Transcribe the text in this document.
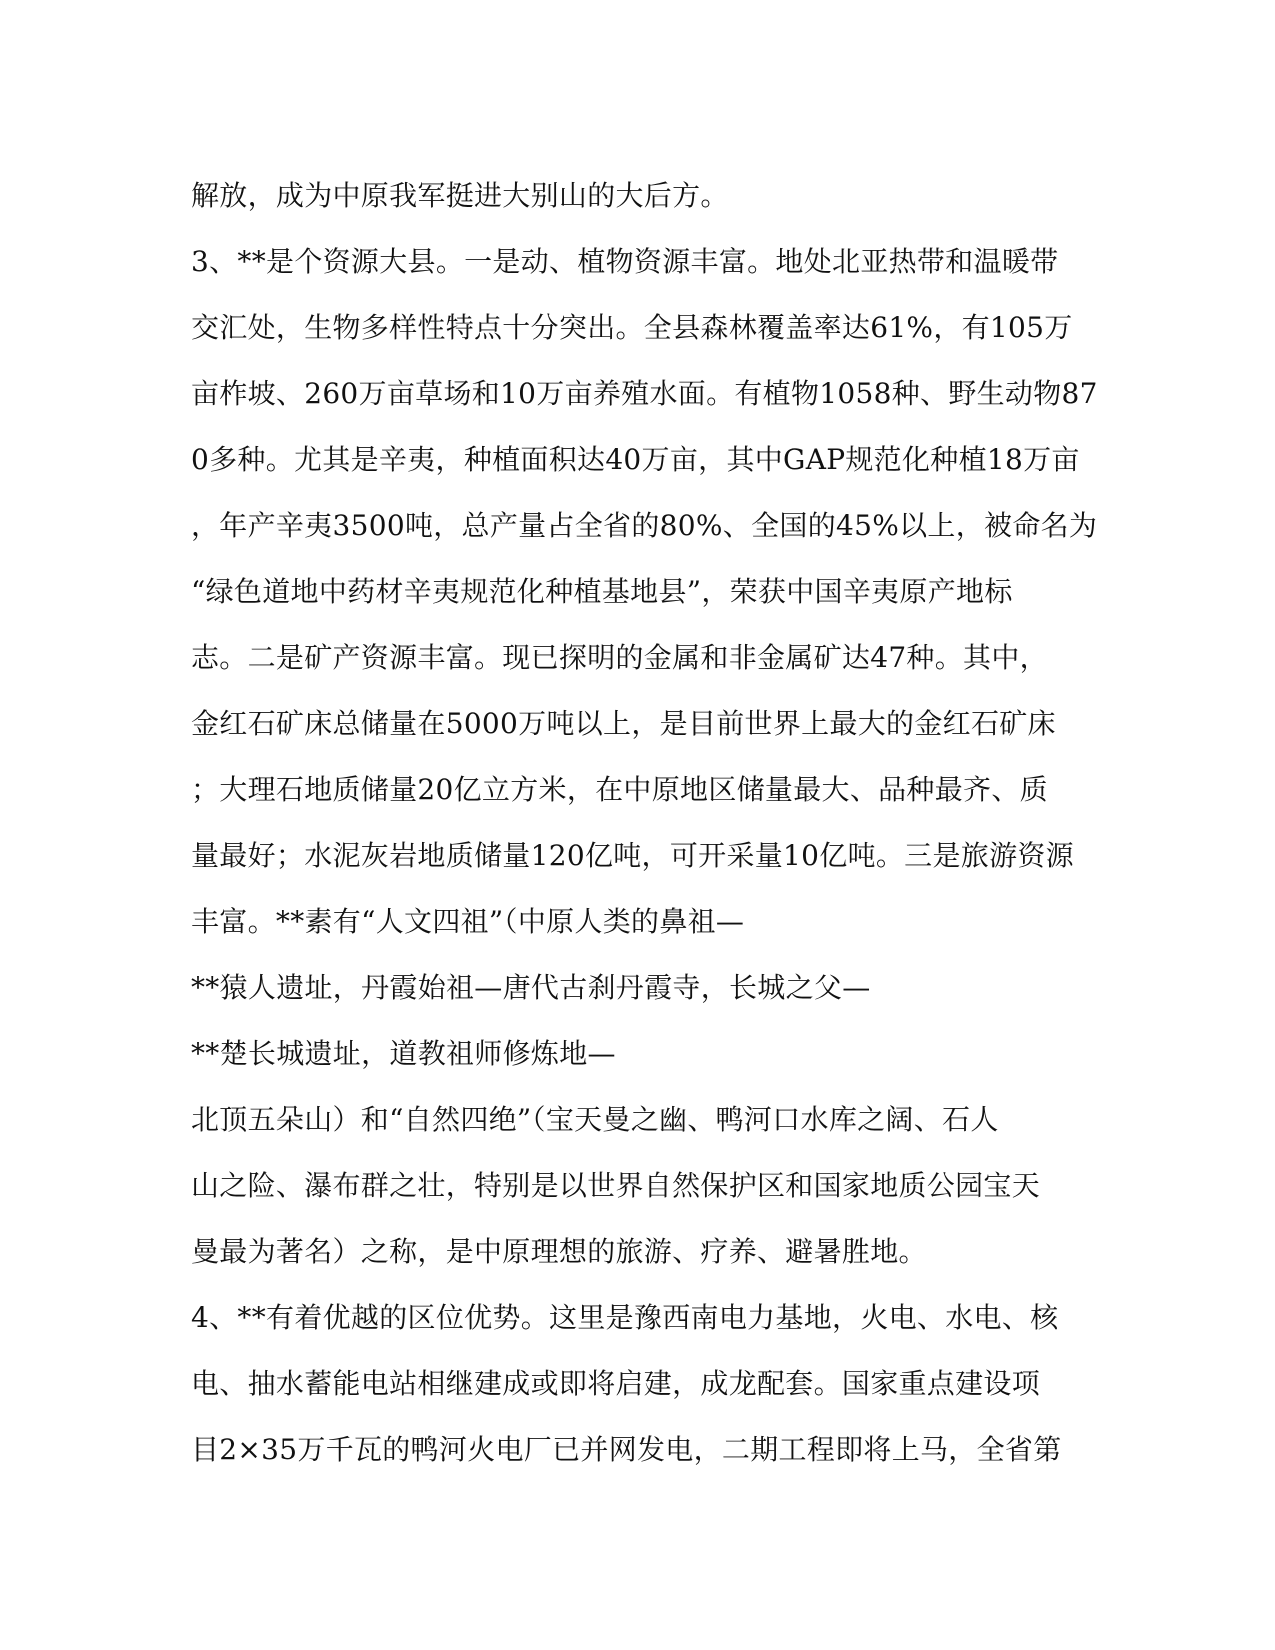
解放，成为中原我军挺进大别山的大后方。
3、**是个资源大县。一是动、植物资源丰富。地处北亚热带和温暖带
交汇处，生物多样性特点十分突出。全县森林覆盖率达61%，有105万
亩柞坡、260万亩草场和10万亩养殖水面。有植物1058种、野生动物87
0多种。尤其是辛夷，种植面积达40万亩，其中GAP规范化种植18万亩
，年产辛夷3500吨，总产量占全省的80%、全国的45%以上，被命名为
“绿色道地中药材辛夷规范化种植基地县”，荣获中国辛夷原产地标
志。二是矿产资源丰富。现已探明的金属和非金属矿达47种。其中，
金红石矿床总储量在5000万吨以上，是目前世界上最大的金红石矿床
；大理石地质储量20亿立方米，在中原地区储量最大、品种最齐、质
量最好；水泥灰岩地质储量120亿吨，可开采量10亿吨。三是旅游资源
丰富。**素有“人文四祖”（中原人类的鼻祖—
**猿人遗址，丹霞始祖—唐代古刹丹霞寺，长城之父—
**楚长城遗址，道教祖师修炼地—
北顶五朵山）和“自然四绝”（宝天曼之幽、鸭河口水库之阔、石人
山之险、瀑布群之壮，特别是以世界自然保护区和国家地质公园宝天
曼最为著名）之称，是中原理想的旅游、疗养、避暑胜地。
4、**有着优越的区位优势。这里是豫西南电力基地，火电、水电、核
电、抽水蓄能电站相继建成或即将启建，成龙配套。国家重点建设项
目2×35万千瓦的鸭河火电厂已并网发电，二期工程即将上马，全省第
